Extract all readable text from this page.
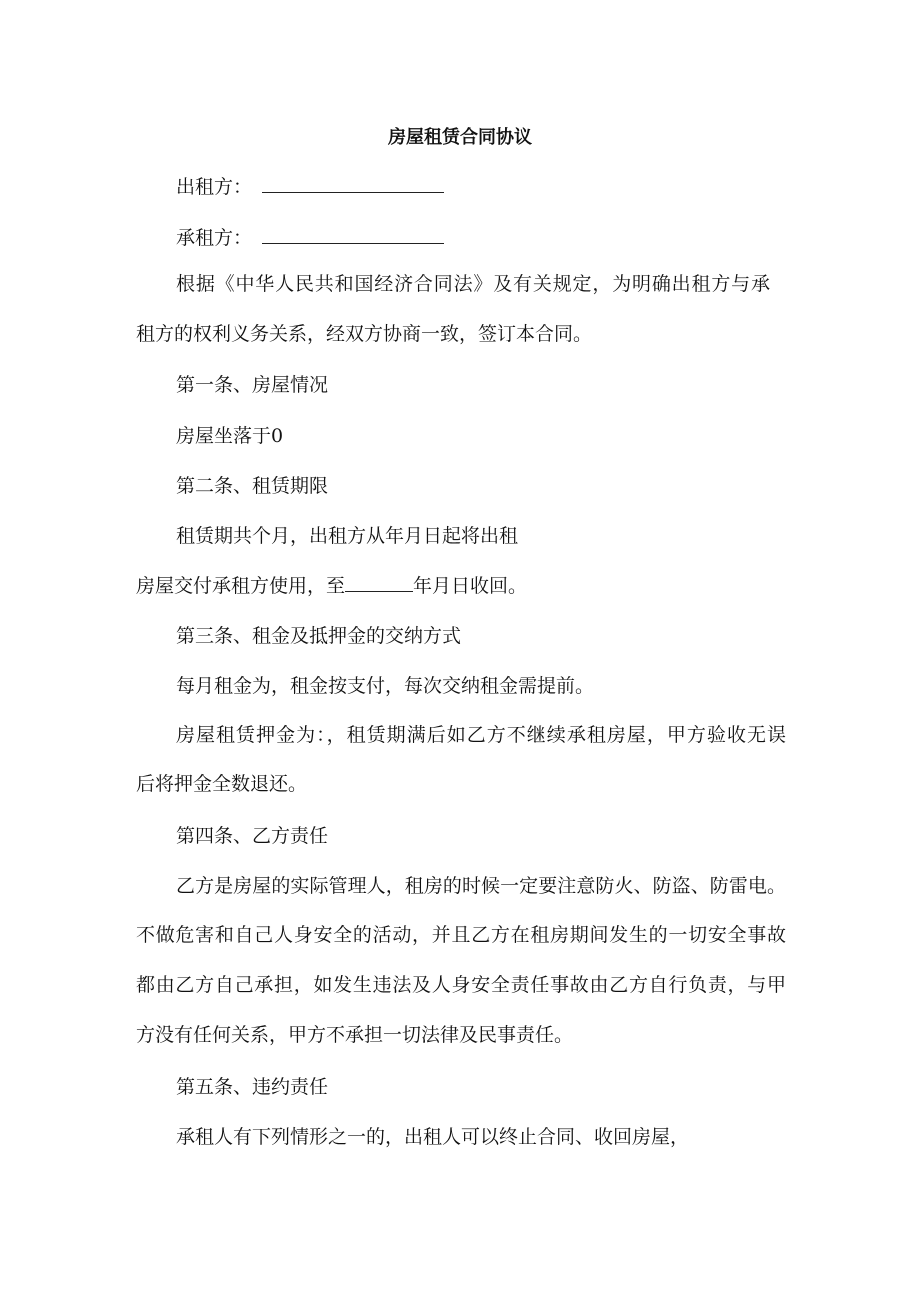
房屋租赁合同协议

出租方：

承租方：

根据《中华人民共和国经济合同法》及有关规定，为明确出租方与承

租方的权利义务关系，经双方协商一致，签订本合同。

第一条、房屋情况

房屋坐落于0

第二条、租赁期限

租赁期共个月，出租方从年月日起将出租

房屋交付承租方使用，至	年月日收回。

第三条、租金及抵押金的交纳方式

每月租金为，租金按支付，每次交纳租金需提前。

房屋租赁押金为：，租赁期满后如乙方不继续承租房屋，甲方验收无误

后将押金全数退还。

第四条、乙方责任

乙方是房屋的实际管理人，租房的时候一定要注意防火、防盗、防雷电。

不做危害和自己人身安全的活动，并且乙方在租房期间发生的一切安全事故

都由乙方自己承担，如发生违法及人身安全责任事故由乙方自行负责，与甲

方没有任何关系，甲方不承担一切法律及民事责任。

第五条、违约责任

承租人有下列情形之一的，出租人可以终止合同、收回房屋，
